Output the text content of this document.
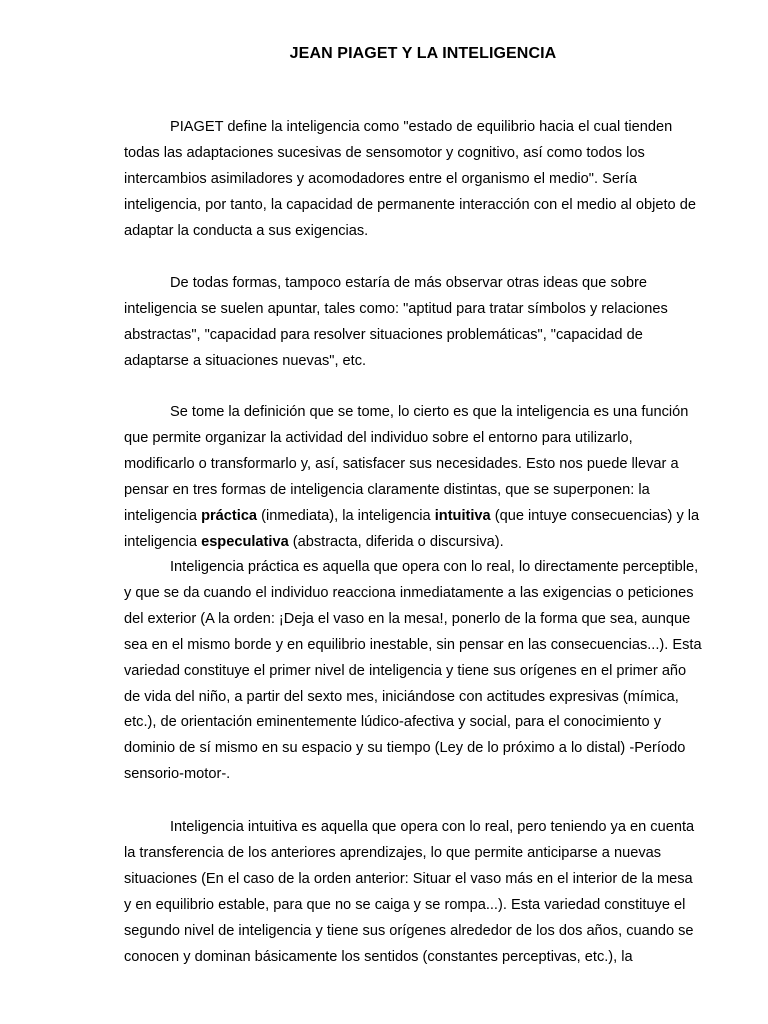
JEAN PIAGET Y LA INTELIGENCIA
PIAGET define la inteligencia como "estado de equilibrio hacia el cual tienden
todas las adaptaciones sucesivas de sensomotor y cognitivo, así como todos los
intercambios asimiladores y acomodadores entre el organismo el medio". Sería
inteligencia, por tanto, la capacidad de permanente interacción con el medio al objeto de
adaptar la conducta a sus exigencias.
De todas formas, tampoco estaría de más observar otras ideas que sobre
inteligencia se suelen apuntar, tales como: "aptitud para tratar símbolos y relaciones
abstractas", "capacidad para resolver situaciones problemáticas", "capacidad de
adaptarse a situaciones nuevas", etc.
Se tome la definición que se tome, lo cierto es que la inteligencia es una función
que permite organizar la actividad del individuo sobre el entorno para utilizarlo,
modificarlo o transformarlo y, así, satisfacer sus necesidades. Esto nos puede llevar a
pensar en tres formas de inteligencia claramente distintas, que se superponen: la
inteligencia práctica (inmediata), la inteligencia intuitiva (que intuye consecuencias) y la
inteligencia especulativa (abstracta, diferida o discursiva).
Inteligencia práctica es aquella que opera con lo real, lo directamente perceptible,
y que se da cuando el individuo reacciona inmediatamente a las exigencias o peticiones
del exterior (A la orden: ¡Deja el vaso en la mesa!, ponerlo de la forma que sea, aunque
sea en el mismo borde y en equilibrio inestable, sin pensar en las consecuencias...). Esta
variedad constituye el primer nivel de inteligencia y tiene sus orígenes en el primer año
de vida del niño, a partir del sexto mes, iniciándose con actitudes expresivas (mímica,
etc.), de orientación eminentemente lúdico-afectiva y social, para el conocimiento y
dominio de sí mismo en su espacio y su tiempo (Ley de lo próximo a lo distal) -Período
sensorio-motor-.
Inteligencia intuitiva es aquella que opera con lo real, pero teniendo ya en cuenta
la transferencia de los anteriores aprendizajes, lo que permite anticiparse a nuevas
situaciones (En el caso de la orden anterior: Situar el vaso más en el interior de la mesa
y en equilibrio estable, para que no se caiga y se rompa...). Esta variedad constituye el
segundo nivel de inteligencia y tiene sus orígenes alrededor de los dos años, cuando se
conocen y dominan básicamente los sentidos (constantes perceptivas, etc.), la
